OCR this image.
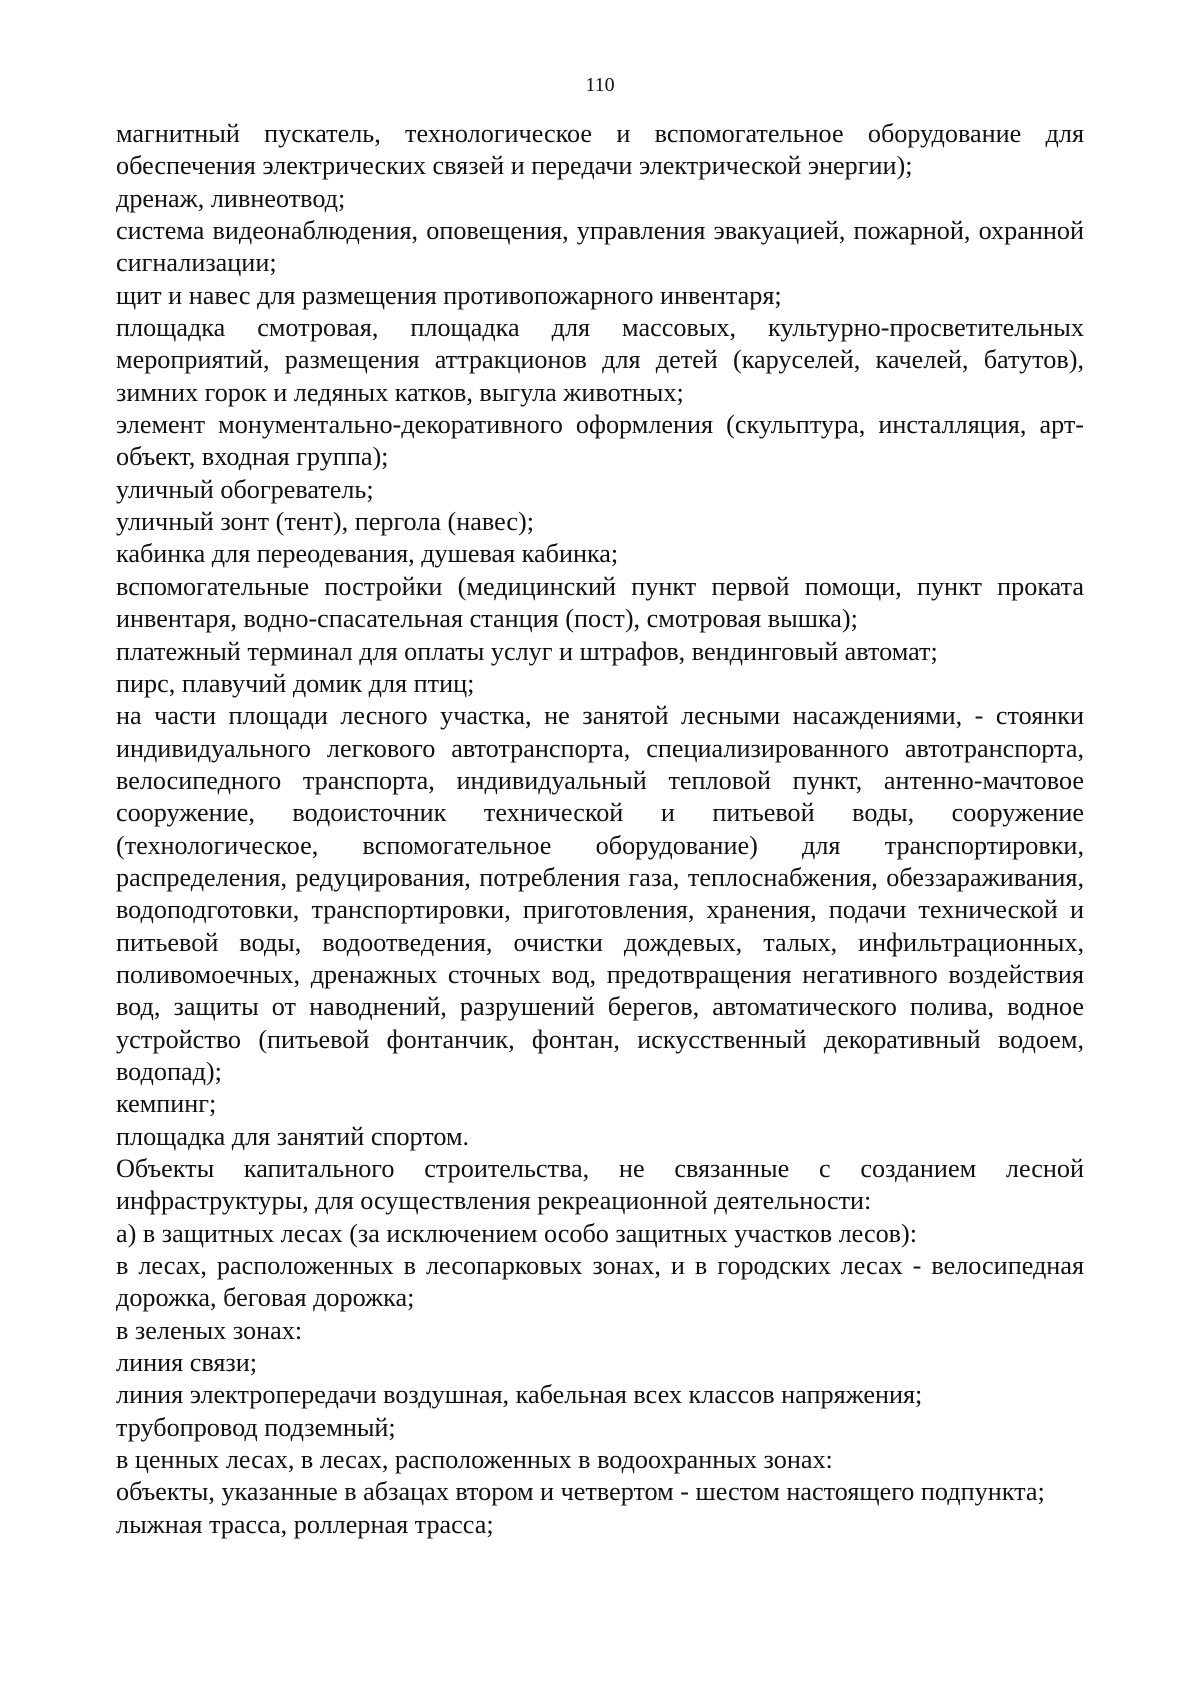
110

магнитный пускатель, технологическое и вспомогательное оборудование для обеспечения электрических связей и передачи электрической энергии);

дренаж, ливнеотвод;

система видеонаблюдения, оповещения, управления эвакуацией, пожарной, охранной сигнализации;

щит и навес для размещения противопожарного инвентаря;

площадка смотровая, площадка для массовых, культурно-просветительных мероприятий, размещения аттракционов для детей (каруселей, качелей, батутов), зимних горок и ледяных катков, выгула животных;

элемент монументально-декоративного оформления (скульптура, инсталляция, арт-объект, входная группа);

уличный обогреватель;

уличный зонт (тент), пергола (навес);

кабинка для переодевания, душевая кабинка;

вспомогательные постройки (медицинский пункт первой помощи, пункт проката инвентаря, водно-спасательная станция (пост), смотровая вышка);

платежный терминал для оплаты услуг и штрафов, вендинговый автомат;

пирс, плавучий домик для птиц;

на части площади лесного участка, не занятой лесными насаждениями, - стоянки индивидуального легкового автотранспорта, специализированного автотранспорта, велосипедного транспорта, индивидуальный тепловой пункт, антенно-мачтовое сооружение, водоисточник технической и питьевой воды, сооружение (технологическое, вспомогательное оборудование) для транспортировки, распределения, редуцирования, потребления газа, теплоснабжения, обеззараживания, водоподготовки, транспортировки, приготовления, хранения, подачи технической и питьевой воды, водоотведения, очистки дождевых, талых, инфильтрационных, поливомоечных, дренажных сточных вод, предотвращения негативного воздействия вод, защиты от наводнений, разрушений берегов, автоматического полива, водное устройство (питьевой фонтанчик, фонтан, искусственный декоративный водоем, водопад);

кемпинг;

площадка для занятий спортом.

Объекты капитального строительства, не связанные с созданием лесной инфраструктуры, для осуществления рекреационной деятельности:

а) в защитных лесах (за исключением особо защитных участков лесов):

в лесах, расположенных в лесопарковых зонах, и в городских лесах - велосипедная дорожка, беговая дорожка;

в зеленых зонах:

линия связи;

линия электропередачи воздушная, кабельная всех классов напряжения;

трубопровод подземный;

в ценных лесах, в лесах, расположенных в водоохранных зонах:

объекты, указанные в абзацах втором и четвертом - шестом настоящего подпункта;

лыжная трасса, роллерная трасса;
